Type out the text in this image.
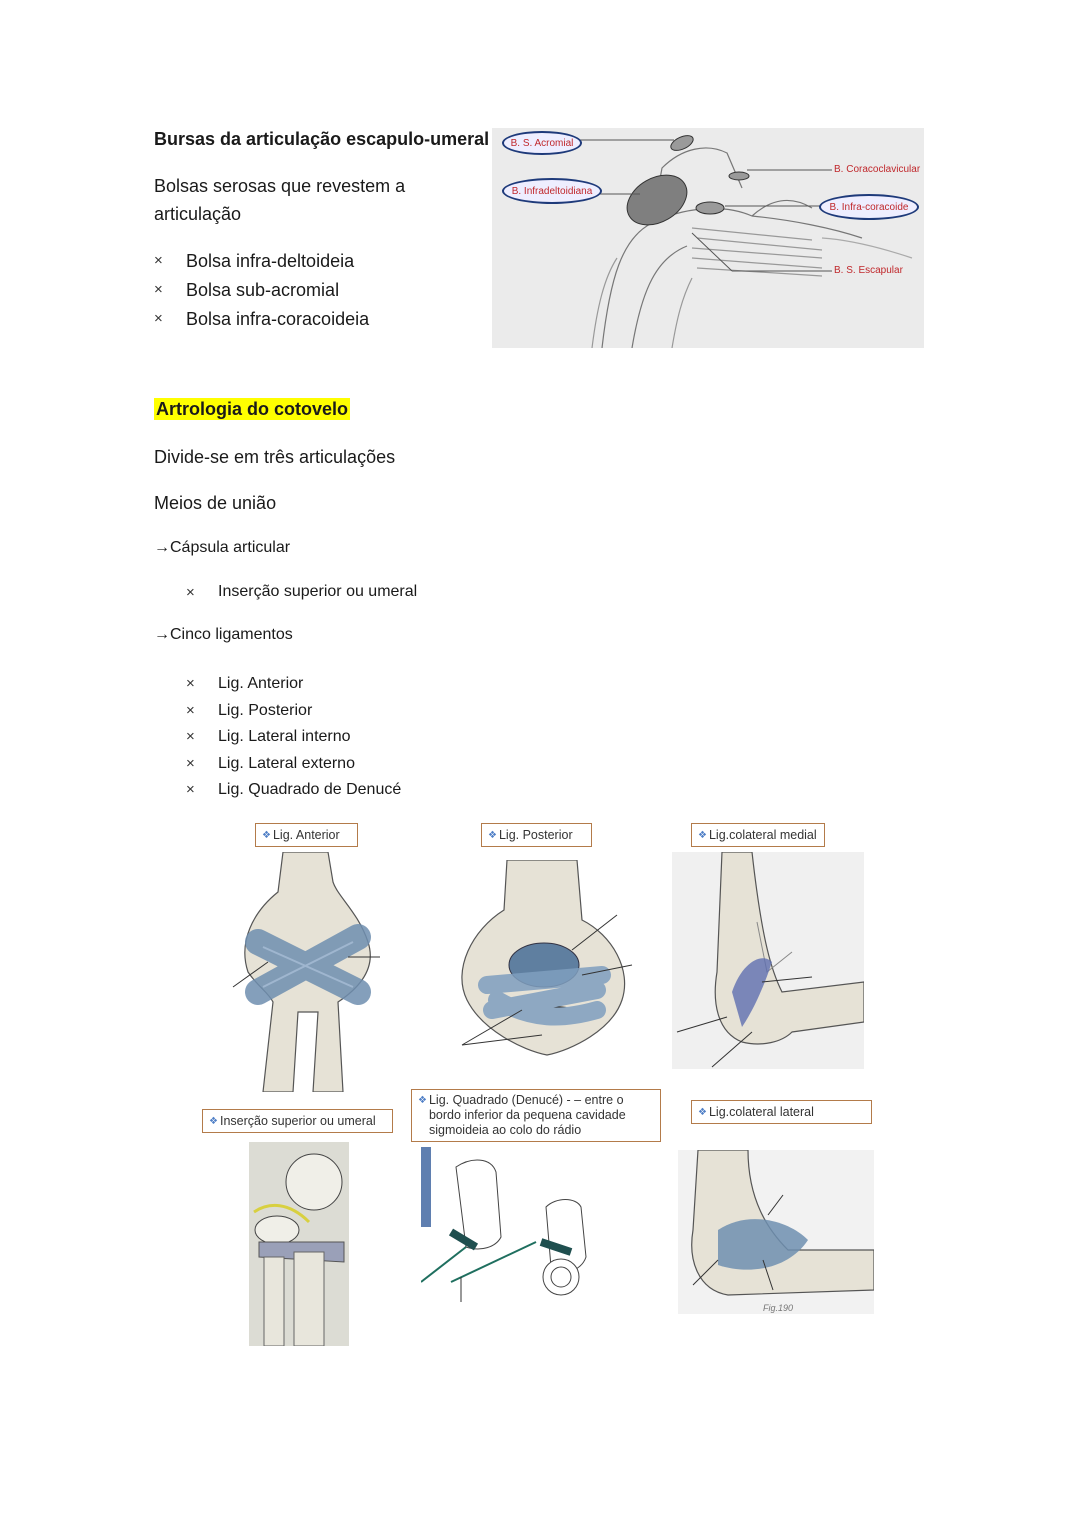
Bursas da articulação escapulo-umeral
Bolsas serosas que revestem a articulação
×	Bolsa infra-deltoideia
×	Bolsa sub-acromial
×	Bolsa infra-coracoideia
B. S. Acromial
B. Infradeltoidiana
B. Coracoclavicular
B. Infra-coracoide
B. S. Escapular
Artrologia do cotovelo
Divide-se em três articulações
Meios de união
→Cápsula articular
×	Inserção superior ou umeral
→Cinco ligamentos
×	Lig. Anterior
×	Lig. Posterior
×	Lig. Lateral interno
×	Lig. Lateral externo
×	Lig. Quadrado de Denucé
❖ Lig. Anterior	❖ Lig. Posterior	❖ Lig.colateral medial
❖ Inserção superior ou umeral
❖ Lig. Quadrado (Denucé) - – entre o bordo inferior da pequena cavidade sigmoideia ao colo do rádio
❖ Lig.colateral lateral
Fig.190
